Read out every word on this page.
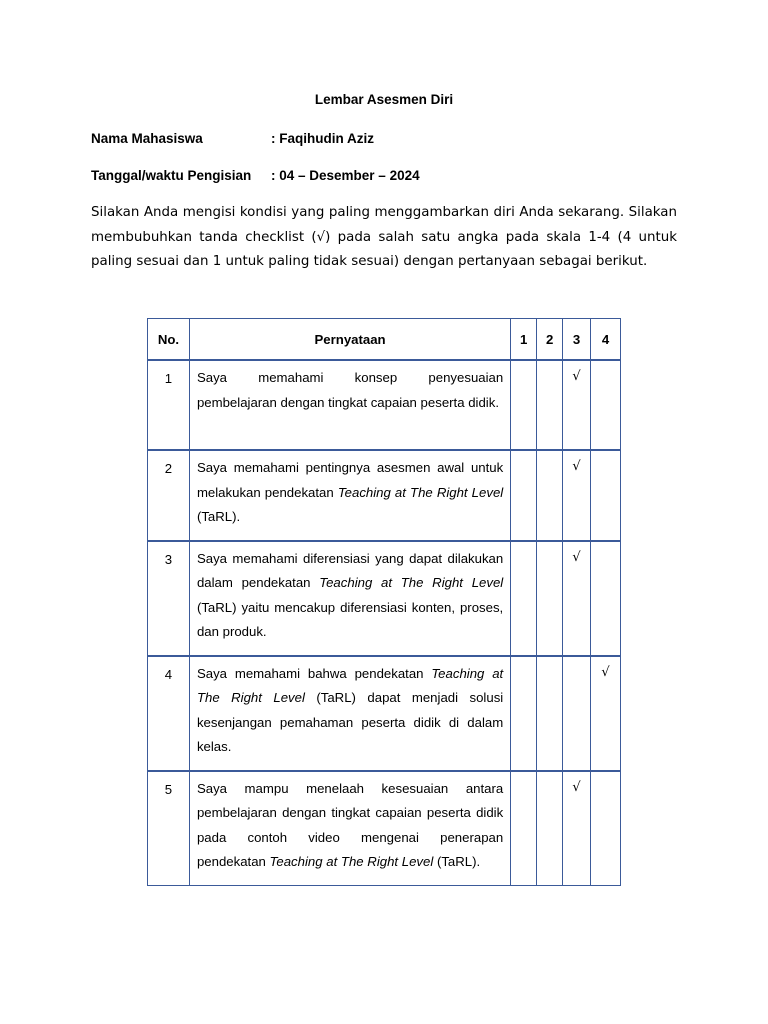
Lembar Asesmen Diri
Nama Mahasiswa	: Faqihudin Aziz
Tanggal/waktu Pengisian : 04 – Desember – 2024
Silakan Anda mengisi kondisi yang paling menggambarkan diri Anda sekarang. Silakan membubuhkan tanda checklist (√) pada salah satu angka pada skala 1-4 (4 untuk paling sesuai dan 1 untuk paling tidak sesuai) dengan pertanyaan sebagai berikut.
No.	Pernyataan	1	2	3	4
1	Saya memahami konsep penyesuaian pembelajaran dengan tingkat capaian peserta didik.			√	
2	Saya memahami pentingnya asesmen awal untuk melakukan pendekatan Teaching at The Right Level (TaRL).			√	
3	Saya memahami diferensiasi yang dapat dilakukan dalam pendekatan Teaching at The Right Level (TaRL) yaitu mencakup diferensiasi konten, proses, dan produk.			√	
4	Saya memahami bahwa pendekatan Teaching at The Right Level (TaRL) dapat menjadi solusi kesenjangan pemahaman peserta didik di dalam kelas.				√
5	Saya mampu menelaah kesesuaian antara pembelajaran dengan tingkat capaian peserta didik pada contoh video mengenai penerapan pendekatan Teaching at The Right Level (TaRL).			√	
